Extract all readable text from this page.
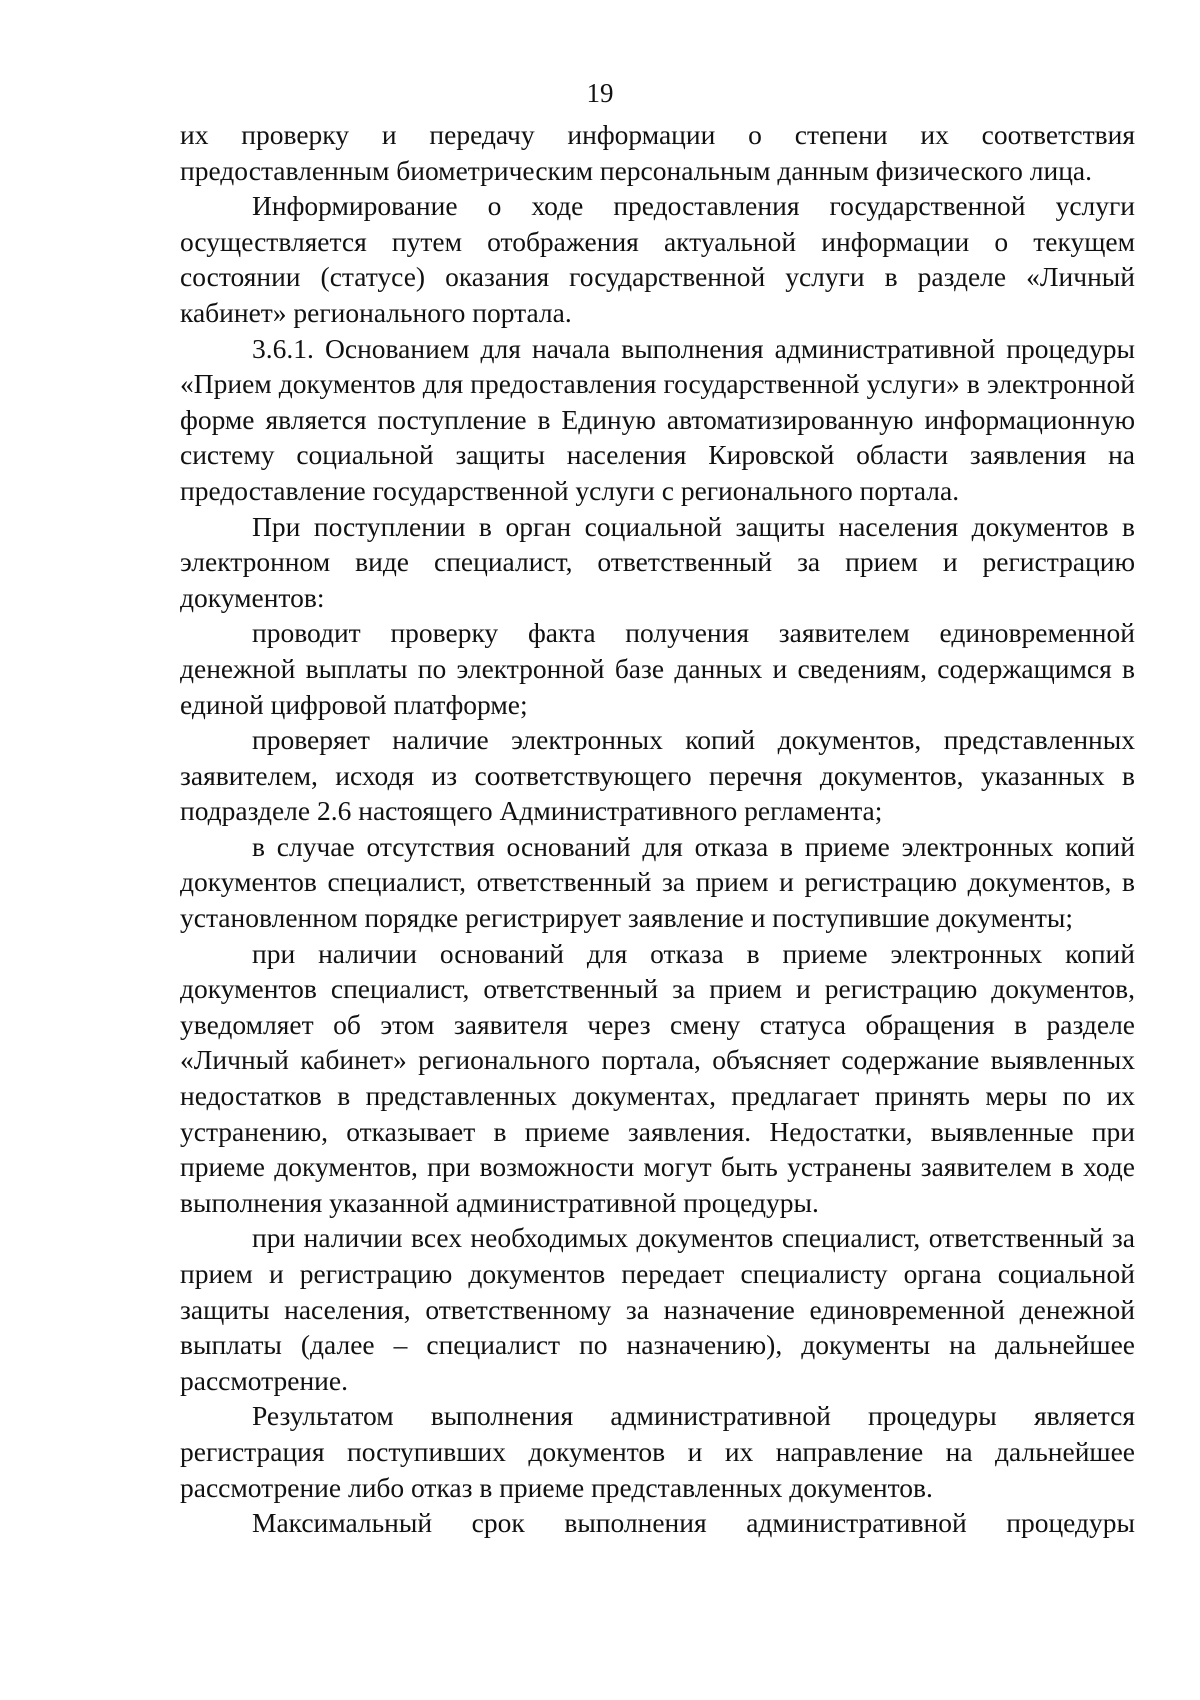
19

их проверку и передачу информации о степени их соответствия предоставленным биометрическим персональным данным физического лица.

Информирование о ходе предоставления государственной услуги осуществляется путем отображения актуальной информации о текущем состоянии (статусе) оказания государственной услуги в разделе «Личный кабинет» регионального портала.

3.6.1. Основанием для начала выполнения административной процедуры «Прием документов для предоставления государственной услуги» в электронной форме является поступление в Единую автоматизированную информационную систему социальной защиты населения Кировской области заявления на предоставление государственной услуги с регионального портала.

При поступлении в орган социальной защиты населения документов в электронном виде специалист, ответственный за прием и регистрацию документов:

проводит проверку факта получения заявителем единовременной денежной выплаты по электронной базе данных и сведениям, содержащимся в единой цифровой платформе;

проверяет наличие электронных копий документов, представленных заявителем, исходя из соответствующего перечня документов, указанных в подразделе 2.6 настоящего Административного регламента;

в случае отсутствия оснований для отказа в приеме электронных копий документов специалист, ответственный за прием и регистрацию документов, в установленном порядке регистрирует заявление и поступившие документы;

при наличии оснований для отказа в приеме электронных копий документов специалист, ответственный за прием и регистрацию документов, уведомляет об этом заявителя через смену статуса обращения в разделе «Личный кабинет» регионального портала, объясняет содержание выявленных недостатков в представленных документах, предлагает принять меры по их устранению, отказывает в приеме заявления. Недостатки, выявленные при приеме документов, при возможности могут быть устранены заявителем в ходе выполнения указанной административной процедуры.

при наличии всех необходимых документов специалист, ответственный за прием и регистрацию документов передает специалисту органа социальной защиты населения, ответственному за назначение единовременной денежной выплаты (далее – специалист по назначению), документы на дальнейшее рассмотрение.

Результатом выполнения административной процедуры является регистрация поступивших документов и их направление на дальнейшее рассмотрение либо отказ в приеме представленных документов.

Максимальный срок выполнения административной процедуры
